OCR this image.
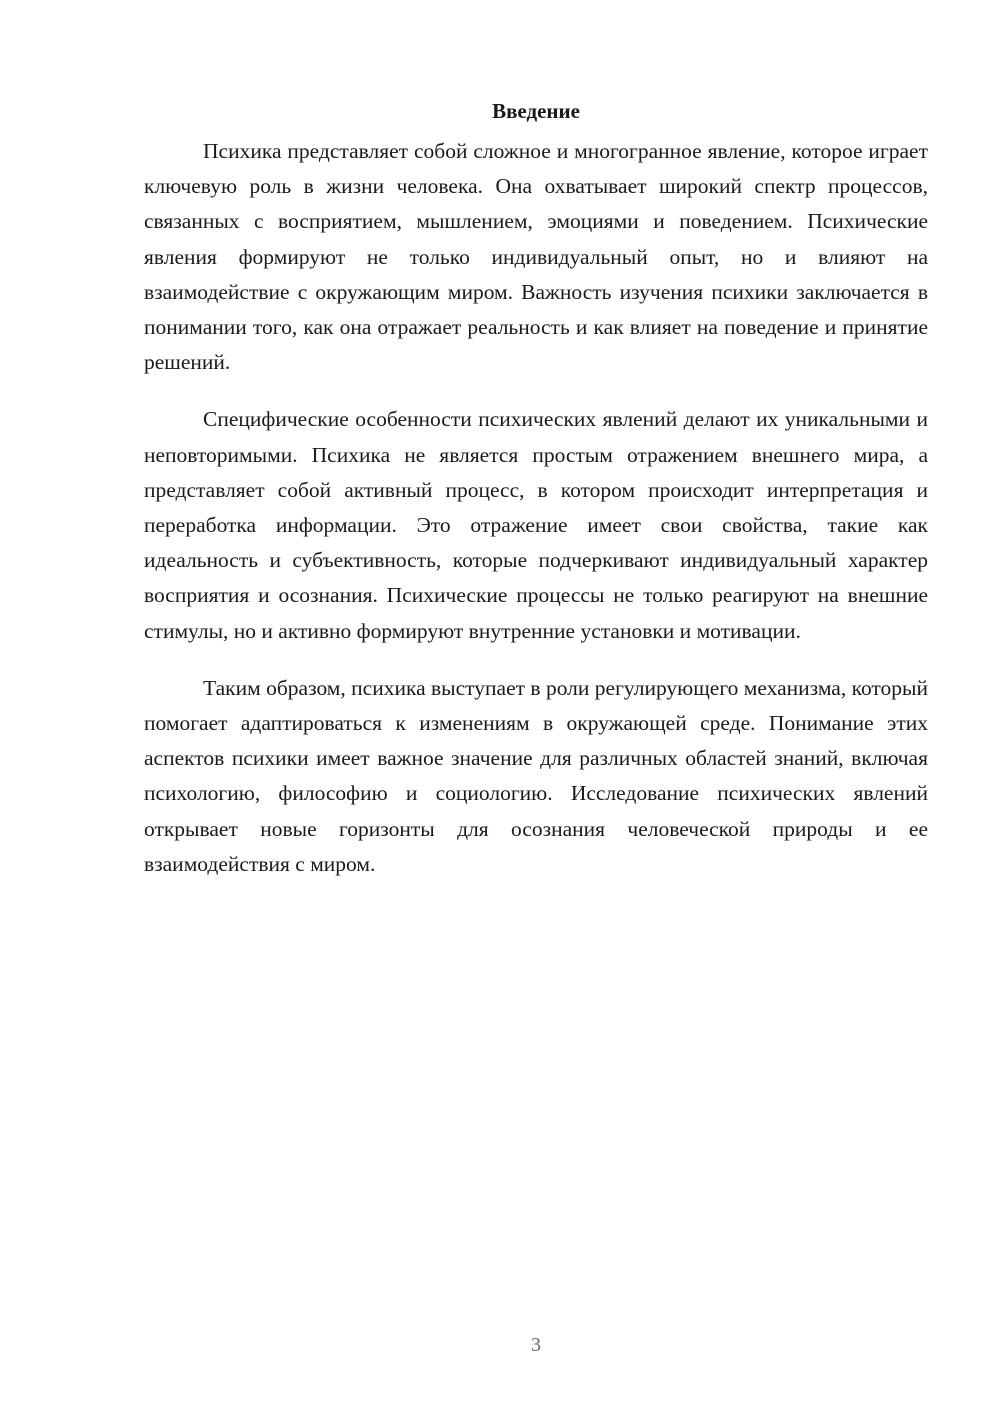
Введение

Психика представляет собой сложное и многогранное явление, которое играет ключевую роль в жизни человека. Она охватывает широкий спектр процессов, связанных с восприятием, мышлением, эмоциями и поведением. Психические явления формируют не только индивидуальный опыт, но и влияют на взаимодействие с окружающим миром. Важность изучения психики заключается в понимании того, как она отражает реальность и как влияет на поведение и принятие решений.

Специфические особенности психических явлений делают их уникальными и неповторимыми. Психика не является простым отражением внешнего мира, а представляет собой активный процесс, в котором происходит интерпретация и переработка информации. Это отражение имеет свои свойства, такие как идеальность и субъективность, которые подчеркивают индивидуальный характер восприятия и осознания. Психические процессы не только реагируют на внешние стимулы, но и активно формируют внутренние установки и мотивации.

Таким образом, психика выступает в роли регулирующего механизма, который помогает адаптироваться к изменениям в окружающей среде. Понимание этих аспектов психики имеет важное значение для различных областей знаний, включая психологию, философию и социологию. Исследование психических явлений открывает новые горизонты для осознания человеческой природы и ее взаимодействия с миром.

3
